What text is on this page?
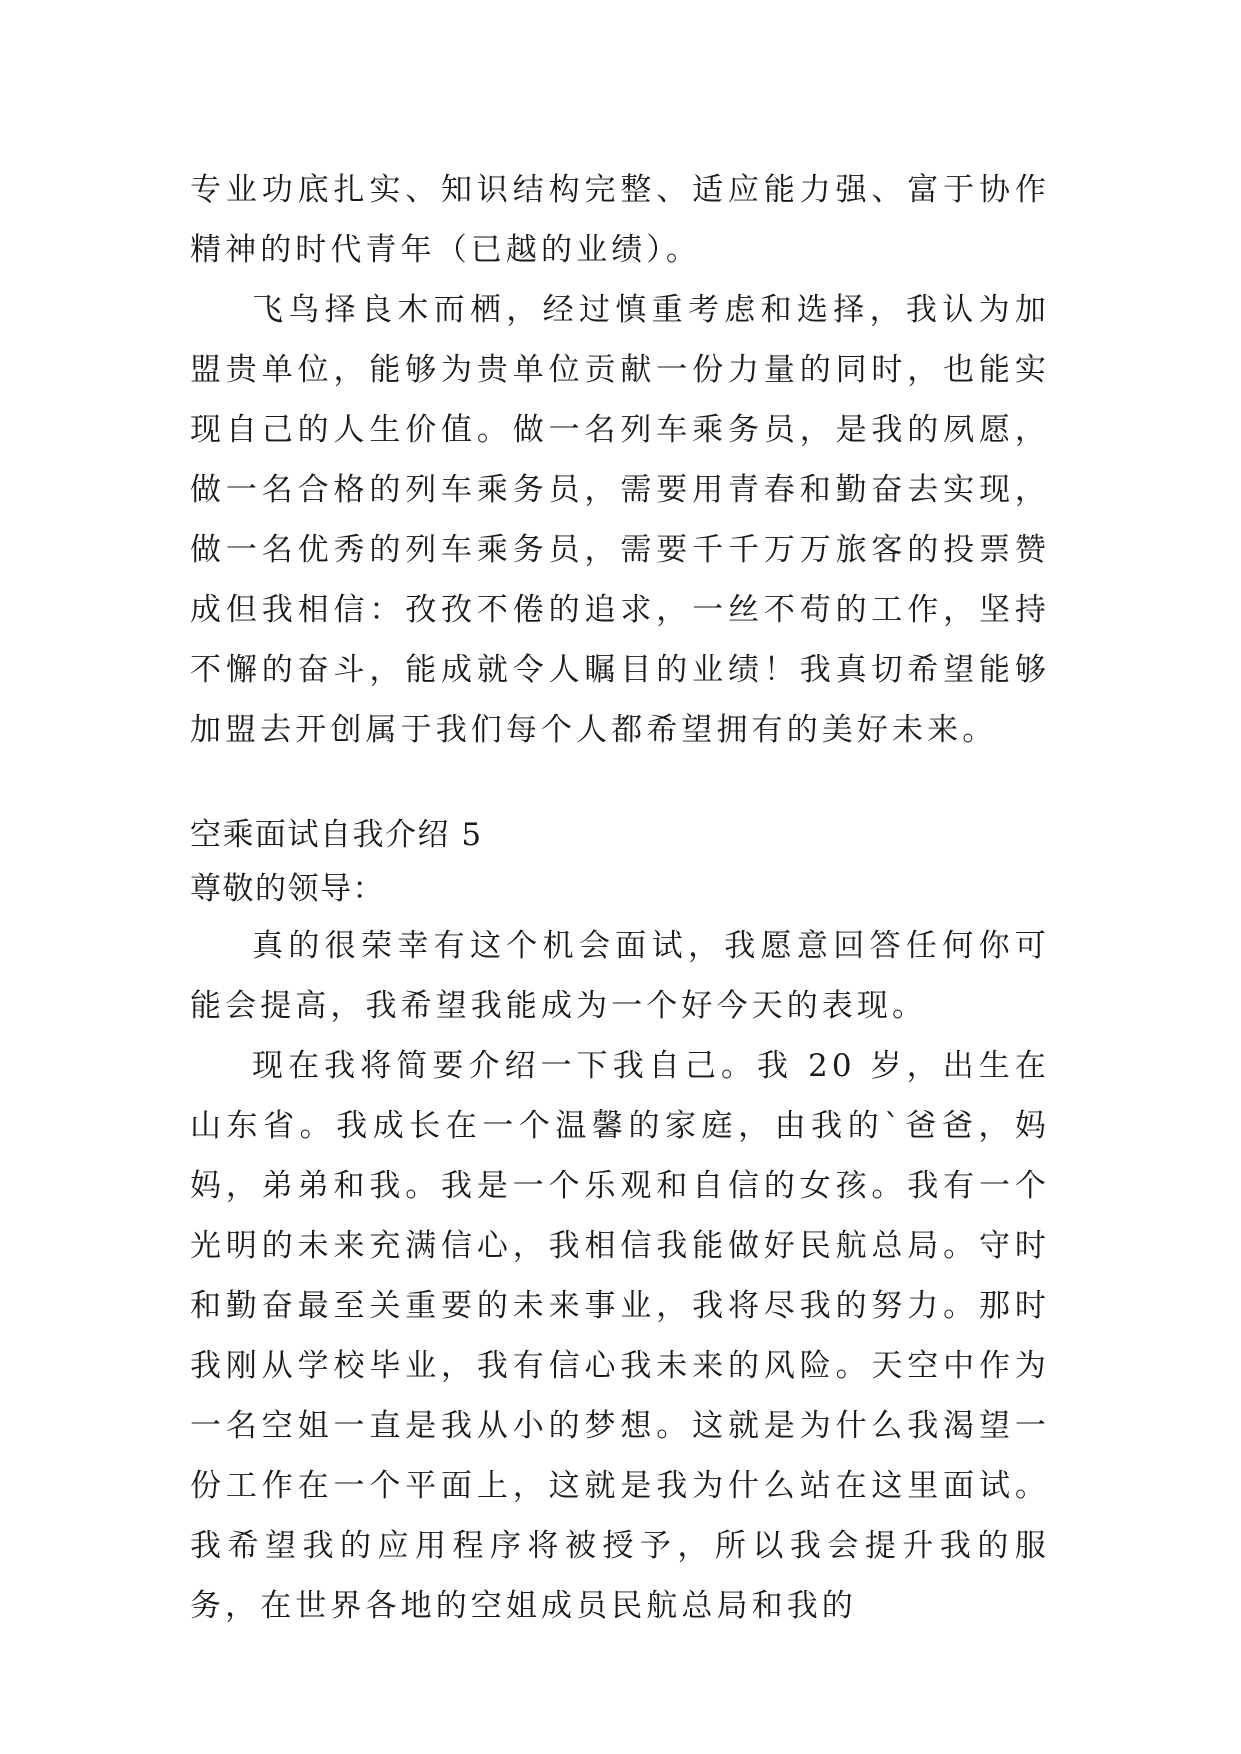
专业功底扎实、知识结构完整、适应能力强、富于协作精神的时代青年（已越的业绩）。

飞鸟择良木而栖，经过慎重考虑和选择，我认为加盟贵单位，能够为贵单位贡献一份力量的同时，也能实现自己的人生价值。做一名列车乘务员，是我的夙愿，做一名合格的列车乘务员，需要用青春和勤奋去实现，做一名优秀的列车乘务员，需要千千万万旅客的投票赞成但我相信：孜孜不倦的追求，一丝不苟的工作，坚持不懈的奋斗，能成就令人瞩目的业绩！我真切希望能够加盟去开创属于我们每个人都希望拥有的美好未来。

空乘面试自我介绍 5

尊敬的领导：

真的很荣幸有这个机会面试，我愿意回答任何你可能会提高，我希望我能成为一个好今天的表现。

现在我将简要介绍一下我自己。我 20 岁，出生在山东省。我成长在一个温馨的家庭，由我的`爸爸，妈妈，弟弟和我。我是一个乐观和自信的女孩。我有一个光明的未来充满信心，我相信我能做好民航总局。守时和勤奋最至关重要的未来事业，我将尽我的努力。那时我刚从学校毕业，我有信心我未来的风险。天空中作为一名空姐一直是我从小的梦想。这就是为什么我渴望一份工作在一个平面上，这就是我为什么站在这里面试。我希望我的应用程序将被授予，所以我会提升我的服务，在世界各地的空姐成员民航总局和我的
